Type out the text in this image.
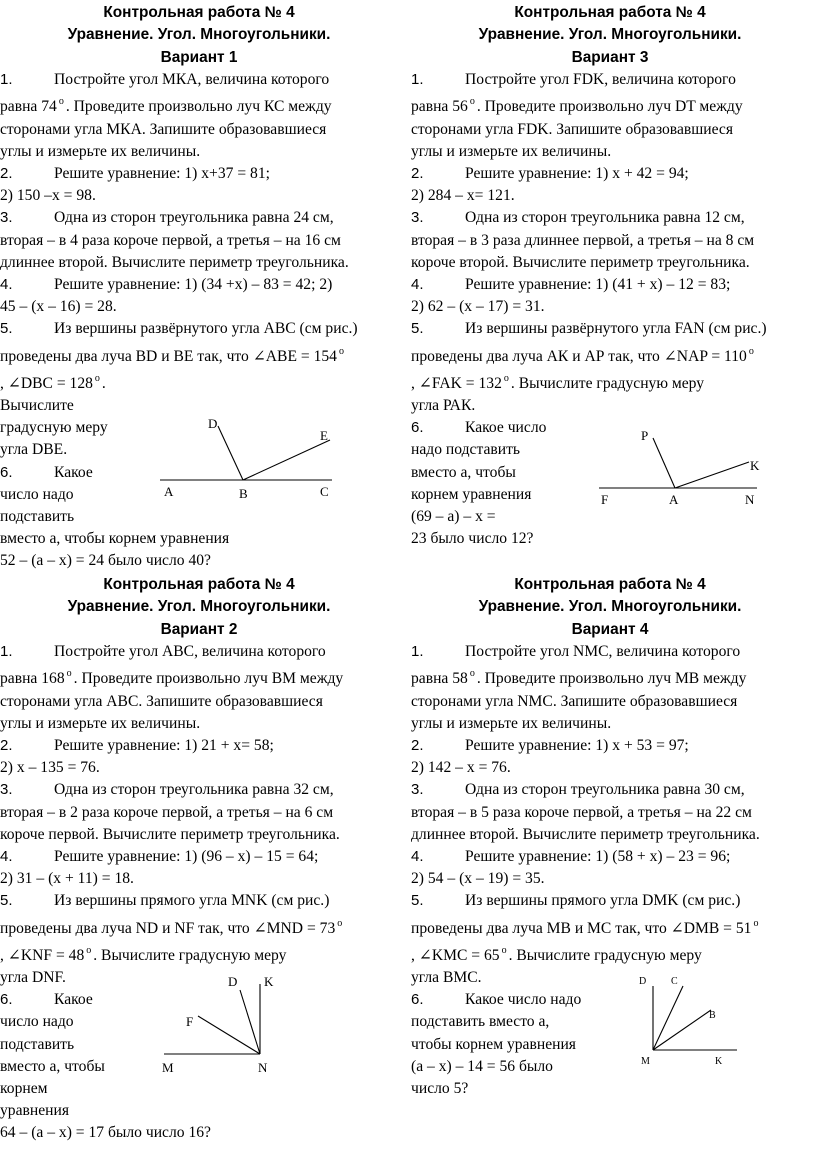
Контрольная работа № 4
Уравнение. Угол. Многоугольники.
Вариант 1
1.	Постройте угол МКА, величина которого
равна 74 о . Проведите произвольно луч КС между
сторонами угла МКА. Запишите образовавшиеся
углы и измерьте их величины.
2.	Решите уравнение: 1) х+37 = 81;
2) 150 –х = 98.
3.	Одна из сторон треугольника равна 24 см,
вторая – в 4 раза короче первой, а третья – на 16 см
длиннее второй. Вычислите периметр треугольника.
4.	Решите уравнение: 1) (34 +х) – 83 = 42; 2)
45 – (х – 16) = 28.
5.	Из вершины развёрнутого угла АВС (см рис.)
проведены два луча BD и ВЕ так, что ∠АВЕ = 154 о
, ∠DBC = 128 о .
Вычислите
градусную меру
угла DBE.
6.	Какое
число надо
подставить
вместо а, чтобы корнем уравнения
52 – (а – х) = 24 было число 40?
D
E
A	B	C
Контрольная работа № 4
Уравнение. Угол. Многоугольники.
Вариант 3
1.	Постройте угол FDK, величина которого
равна 56 о . Проведите произвольно луч DT между
сторонами угла FDK. Запишите образовавшиеся
углы и измерьте их величины.
2.	Решите уравнение: 1) х + 42 = 94;
2) 284 – х= 121.
3.	Одна из сторон треугольника равна 12 см,
вторая – в 3 раза длиннее первой, а третья – на 8 см
короче второй. Вычислите периметр треугольника.
4.	Решите уравнение: 1) (41 + х) – 12 = 83;
2) 62 – (х – 17) = 31.
5.	Из вершины развёрнутого угла FAN (см рис.)
проведены два луча АК и АР так, что ∠NAP = 110 о
, ∠FAK = 132 о . Вычислите градусную меру
угла РАК.
6.	Какое число
надо подставить
вместо а, чтобы
корнем уравнения
(69 – а) – х =
23 было число 12?
P
K
F	A	N
Контрольная работа № 4
Уравнение. Угол. Многоугольники.
Вариант 2
1.	Постройте угол АВС, величина которого
равна 168 о . Проведите произвольно луч ВМ между
сторонами угла АВС. Запишите образовавшиеся
углы и измерьте их величины.
2.	Решите уравнение: 1) 21 + х= 58;
2) х – 135 = 76.
3.	Одна из сторон треугольника равна 32 см,
вторая – в 2 раза короче первой, а третья – на 6 см
короче первой. Вычислите периметр треугольника.
4.	Решите уравнение: 1) (96 – х) – 15 = 64;
2) 31 – (х + 11) = 18.
5.	Из вершины прямого угла MNK (см рис.)
проведены два луча ND и NF так, что ∠MND = 73 о
, ∠KNF = 48 о . Вычислите градусную меру
угла DNF.
6.	Какое
число надо
подставить
вместо а, чтобы
корнем
уравнения
64 – (а – х) = 17 было число 16?
D K
F
M	N
Контрольная работа № 4
Уравнение. Угол. Многоугольники.
Вариант 4
1.	Постройте угол NMC, величина которого
равна 58 о . Проведите произвольно луч МВ между
сторонами угла NMC. Запишите образовавшиеся
углы и измерьте их величины.
2.	Решите уравнение: 1) х + 53 = 97;
2) 142 – х = 76.
3.	Одна из сторон треугольника равна 30 см,
вторая – в 5 раза короче первой, а третья – на 22 см
длиннее второй. Вычислите периметр треугольника.
4.	Решите уравнение: 1) (58 + х) – 23 = 96;
2) 54 – (х – 19) = 35.
5.	Из вершины прямого угла DMK (см рис.)
проведены два луча МВ и МС так, что ∠DMB = 51 о
, ∠KMC = 65 о . Вычислите градусную меру
угла ВМС.
6.	Какое число надо
подставить вместо а,
чтобы корнем уравнения
(а – х) – 14 = 56 было
число 5?
D C
B
M	K
